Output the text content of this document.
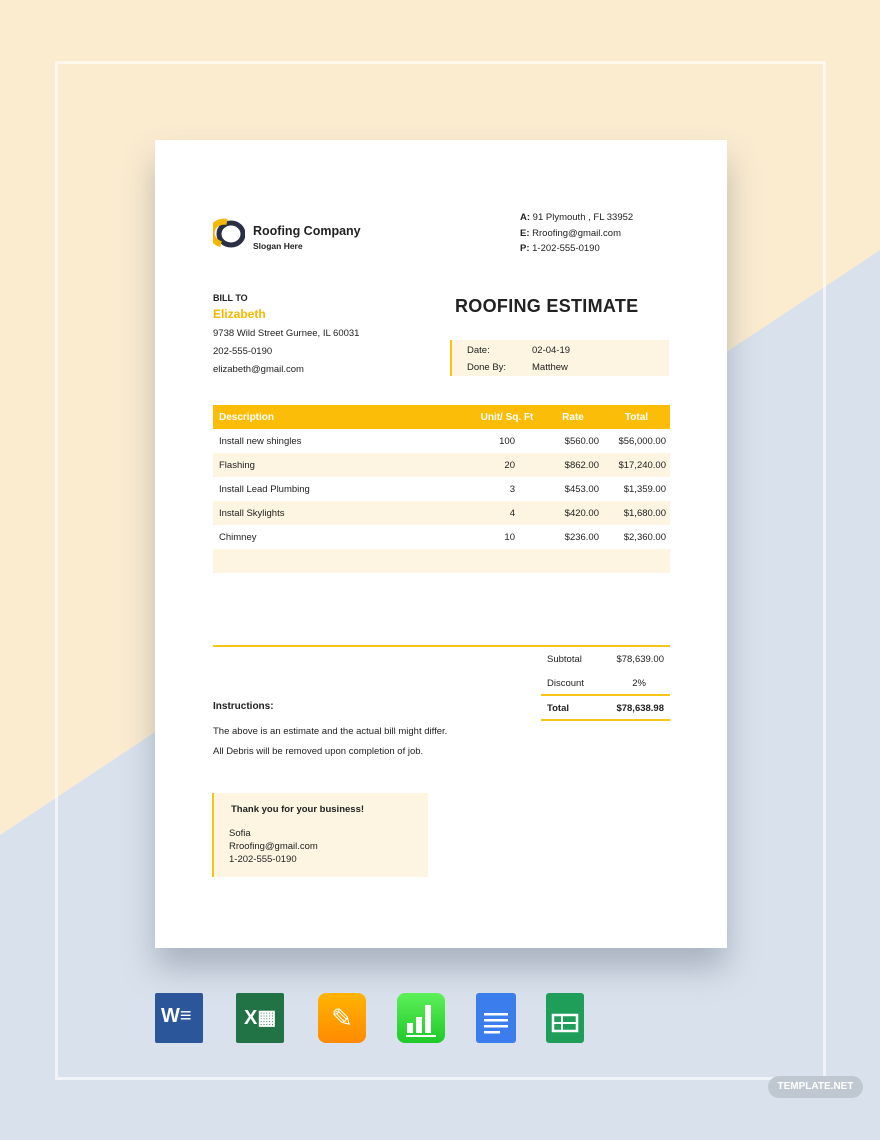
Roofing Company
Slogan Here
A: 91 Plymouth , FL 33952
E: Rroofing@gmail.com
P: 1-202-555-0190
BILL TO
Elizabeth
9738 Wild Street Gurnee, IL 60031
202-555-0190
elizabeth@gmail.com
ROOFING ESTIMATE
Date:	02-04-19
Done By:	Matthew
Description	Unit/ Sq. Ft	Rate	Total
Install new shingles	100	$560.00	$56,000.00
Flashing	20	$862.00	$17,240.00
Install Lead Plumbing	3	$453.00	$1,359.00
Install Skylights	4	$420.00	$1,680.00
Chimney	10	$236.00	$2,360.00

Subtotal	$78,639.00
Discount	2%
Total	$78,638.98
Instructions:
The above is an estimate and the actual bill might differ.
All Debris will be removed upon completion of job.
Thank you for your business!
Sofia
Rroofing@gmail.com
1-202-555-0190
W≡	X▦	✎
TEMPLATE.NET
